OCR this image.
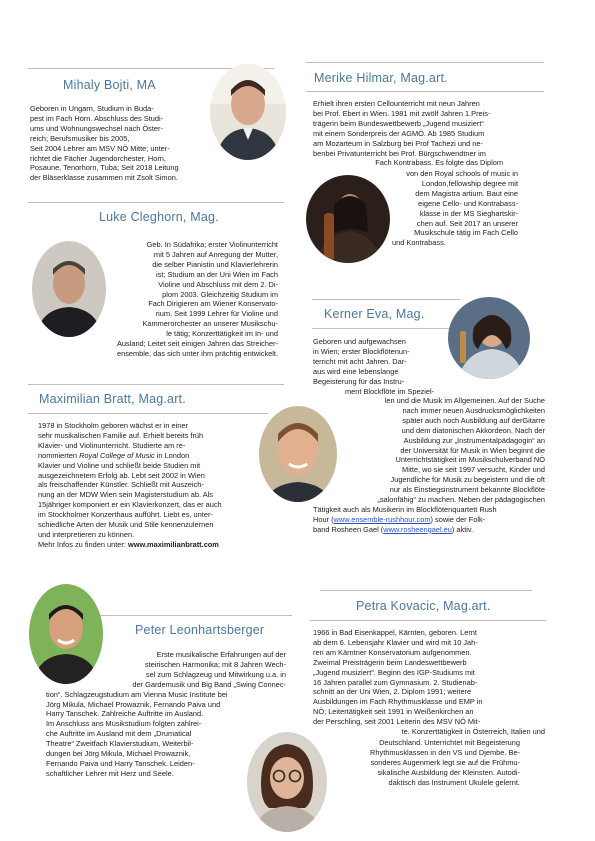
Mihaly Bojti, MA

Geboren in Ungarn, Studium in Buda-

pest im Fach Horn. Abschluss des Studi-

ums und Wohnungswechsel nach Öster-

reich; Berufsmusiker bis 2005,

Seit 2004 Lehrer am MSV NÖ Mitte; unter-

richtet die Fächer Jugendorchester, Horn,

Posaune, Tenorhorn, Tuba; Seit 2018 Leitung

der Bläserklasse zusammen mit Zsolt Simon.

Luke Cleghorn, Mag.

Geb. In Südafrika; erster Violinunterricht

mit 5 Jahren auf Anregung der Mutter,

die selber Pianistin und Klavierlehrerin

ist; Studium an der Uni Wien im Fach

Violine und Abschluss mit dem 2. Di-

plom 2003. Gleichzeitig Studium im

Fach Dirigieren am Wiener Konservato-

rium. Seit 1999 Lehrer für Violine und

Kammerorchester an unserer Musikschu-

le tätig; Konzerttätigkeit im In- und

Ausland; Leitet seit einigen Jahren das Streicher-

ensemble, das sich unter ihm prächtig entwickelt.

Maximilian Bratt, Mag.art.

1978 in Stockholm geboren wächst er in einer

sehr musikalischen Familie auf. Erhielt bereits früh

Klavier- und Violinunterricht. Studierte am re-

nommierten Royal College of Music in London

Klavier und Violine und schließt beide Studien mit

ausgezeichnetem Erfolg ab. Lebt seit 2002 in Wien

als freischaffender Künstler. Schließt mit Auszeich-

nung an der MDW Wien sein Magisterstudium ab. Als

15jähriger komponiert er ein Klavierkonzert, das er auch

im Stockholmer Konzerthaus aufführt. Liebt es, unter-

schiedliche Arten der Musik und Stile kennenzulernen

und interpretieren zu können.

Mehr Infos zu finden unter: www.maximilianbratt.com

Peter Leonhartsberger

Erste musikalische Erfahrungen auf der

steirischen Harmonika; mit 8 Jahren Wech-

sel zum Schlagzeug und Mitwirkung u.a. in

der Gardemusik und Big Band „Swing Connec-

tion“. Schlagzeugstudium am Vienna Music Institute bei

Jörg Mikula, Michael Prowaznik, Fernando Paiva und

Harry Tanschek. Zahlreiche Auftritte im Ausland.

Im Anschluss ans Musikstudium folgten zahlrei-

che Auftritte im Ausland mit dem „Drumatical

Theatre“ Zweitfach Klavierstudium, Weiterbil-

dungen bei Jörg Mikula, Michael Prowaznik,

Fernando Paiva und Harry Tanschek. Leiden-

schaftlicher Lehrer mit Herz und Seele.

Merike Hilmar, Mag.art.

Erhielt ihren ersten Cellounterricht mit neun Jahren

bei Prof. Ebert in Wien. 1981 mit zwölf Jahren 1.Preis-

trägerin beim Bundeswettbewerb „Jugend musiziert“

mit einem Sonderpreis der AGMÖ. Ab 1985 Studium

am Mozarteum in Salzburg bei Prof Tachezi und ne-

benbei Privatunterricht bei Prof. Bürgschwendtner im

Fach Kontrabass. Es folgte das Diplom

von den Royal schools of music in

London,fellowship degree mit

dem Magistra artium. Baut eine

eigene Cello- und Kontrabass-

klasse in der MS Sieghartskir-

chen auf. Seit 2017 an unserer

Musikschule tätig im Fach Cello

und Kontrabass.

Kerner Eva, Mag.

Geboren und aufgewachsen

in Wien; erster Blockflötenun-

terricht mit acht Jahren. Dar-

aus wird eine lebenslange

Begeisterung für das Instru-

ment Blockflöte im Speziel-

len und die Musik im Allgemeinen. Auf der Suche

nach immer neuen Ausdrucksmöglichkeiten

später auch noch Ausbildung auf derGitarre

und dem diatonischen Akkordeon. Nach der

Ausbildung zur „Instrumentalpädagogin“ an

der Universität für Musik in Wien beginnt die

Unterrichtstätigkeit im Musikschulverband NÖ

Mitte, wo sie seit 1997 versucht, Kinder und

Jugendliche für Musik zu begeistern und die oft

nur als Einstiegsinstrument bekannte Blockflöte

„salonfähig“ zu machen. Neben der pädagogischen

Tätigkeit auch als Musikerin im Blockflötenquartett Rush

Hour (www.ensemble-rushhour.com) sowie der Folk-

band Rosheen Gael (www.rosheengael.eu) aktiv.

Petra Kovacic, Mag.art.

1966 in Bad Eisenkappel, Kärnten, geboren. Lernt

ab dem 6. Lebensjahr Klavier und wird mit 10 Jah-

ren am Kärntner Konservatorium aufgenommen.

Zweimal Preisträgerin beim Landeswettbewerb

„Jugend musiziert“. Beginn des IGP-Studiums mit

16 Jahren parallel zum Gymnasium. 2. Studienab-

schnitt an der Uni Wien, 2. Diplom 1991; weitere

Ausbildungen im Fach Rhythmusklasse und EMP in

NÖ; Leitertätigkeit seit 1991 in Weißenkirchen an

der Perschling, seit 2001 Leiterin des MSV NÖ Mit-

te. Konzerttätigkeit in Österreich, Italien und

Deutschland. Unterrichtet mit Begeisterung

Rhythmusklassen in den VS und Djembe. Be-

sonderes Augenmerk legt sie auf die Frühmu-

sikalische Ausbildung der Kleinsten. Autodi-

daktisch das Instrument Ukulele gelernt.
